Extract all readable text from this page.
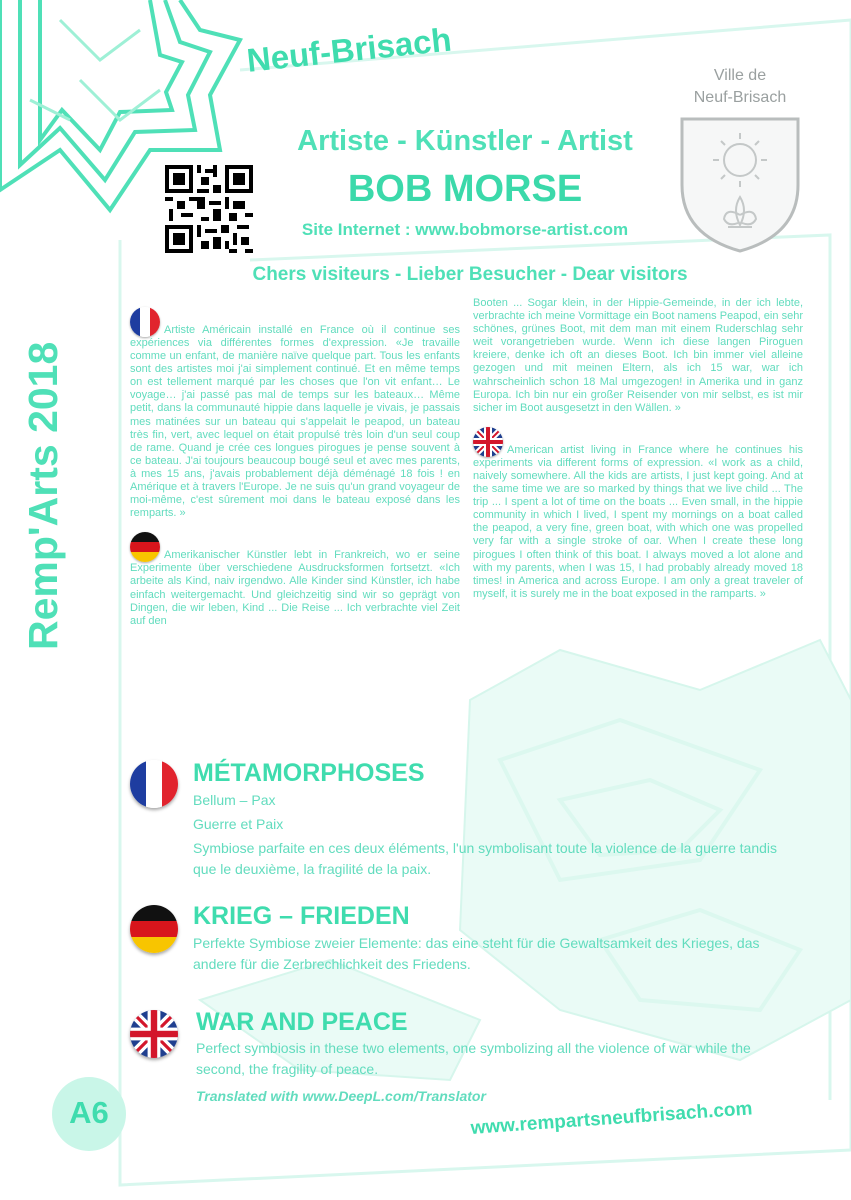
Remp'Arts 2018
Neuf-Brisach
Artiste - Künstler - Artist
BOB MORSE
Site Internet : www.bobmorse-artist.com
Ville de
Neuf-Brisach
Chers visiteurs - Lieber Besucher - Dear visitors

Artiste Américain installé en France où il continue ses expériences via différentes formes d'expression. «Je travaille comme un enfant, de manière naïve quelque part. Tous les enfants sont des artistes moi j'ai simplement continué. Et en même temps on est tellement marqué par les choses que l'on vit enfant… Le voyage… j'ai passé pas mal de temps sur les bateaux… Même petit, dans la communauté hippie dans laquelle je vivais, je passais mes matinées sur un bateau qui s'appelait le peapod, un bateau très fin, vert, avec lequel on était propulsé très loin d'un seul coup de rame. Quand je crée ces longues pirogues je pense souvent à ce bateau. J'ai toujours beaucoup bougé seul et avec mes parents, à mes 15 ans, j'avais probablement déjà déménagé 18 fois ! en Amérique et à travers l'Europe. Je ne suis qu'un grand voyageur de moi-même, c'est sûrement moi dans le bateau exposé dans les remparts. »

Amerikanischer Künstler lebt in Frankreich, wo er seine Experimente über verschiedene Ausdrucksformen fortsetzt. «Ich arbeite als Kind, naiv irgendwo. Alle Kinder sind Künstler, ich habe einfach weitergemacht. Und gleichzeitig sind wir so geprägt von Dingen, die wir leben, Kind ... Die Reise ... Ich verbrachte viel Zeit auf den

Booten ... Sogar klein, in der Hippie-Gemeinde, in der ich lebte, verbrachte ich meine Vormittage ein Boot namens Peapod, ein sehr schönes, grünes Boot, mit dem man mit einem Ruderschlag sehr weit vorangetrieben wurde. Wenn ich diese langen Piroguen kreiere, denke ich oft an dieses Boot. Ich bin immer viel alleine gezogen und mit meinen Eltern, als ich 15 war, war ich wahrscheinlich schon 18 Mal umgezogen! in Amerika und in ganz Europa. Ich bin nur ein großer Reisender von mir selbst, es ist mir sicher im Boot ausgesetzt in den Wällen. »

American artist living in France where he continues his experiments via different forms of expression. «I work as a child, naively somewhere. All the kids are artists, I just kept going. And at the same time we are so marked by things that we live child ... The trip ... I spent a lot of time on the boats ... Even small, in the hippie community in which I lived, I spent my mornings on a boat called the peapod, a very fine, green boat, with which one was propelled very far with a single stroke of oar. When I create these long pirogues I often think of this boat. I always moved a lot alone and with my parents, when I was 15, I had probably already moved 18 times! in America and across Europe. I am only a great traveler of myself, it is surely me in the boat exposed in the ramparts. »

MÉTAMORPHOSES
Bellum – Pax
Guerre et Paix
Symbiose parfaite en ces deux éléments, l'un symbolisant toute la violence de la guerre tandis que le deuxième, la fragilité de la paix.
KRIEG – FRIEDEN
Perfekte Symbiose zweier Elemente: das eine steht für die Gewaltsamkeit des Krieges, das andere für die Zerbrechlichkeit des Friedens.
WAR AND PEACE
Perfect symbiosis in these two elements, one symbolizing all the violence of war while the second, the fragility of peace.
Translated with www.DeepL.com/Translator
A6	www.rempartsneufbrisach.com
